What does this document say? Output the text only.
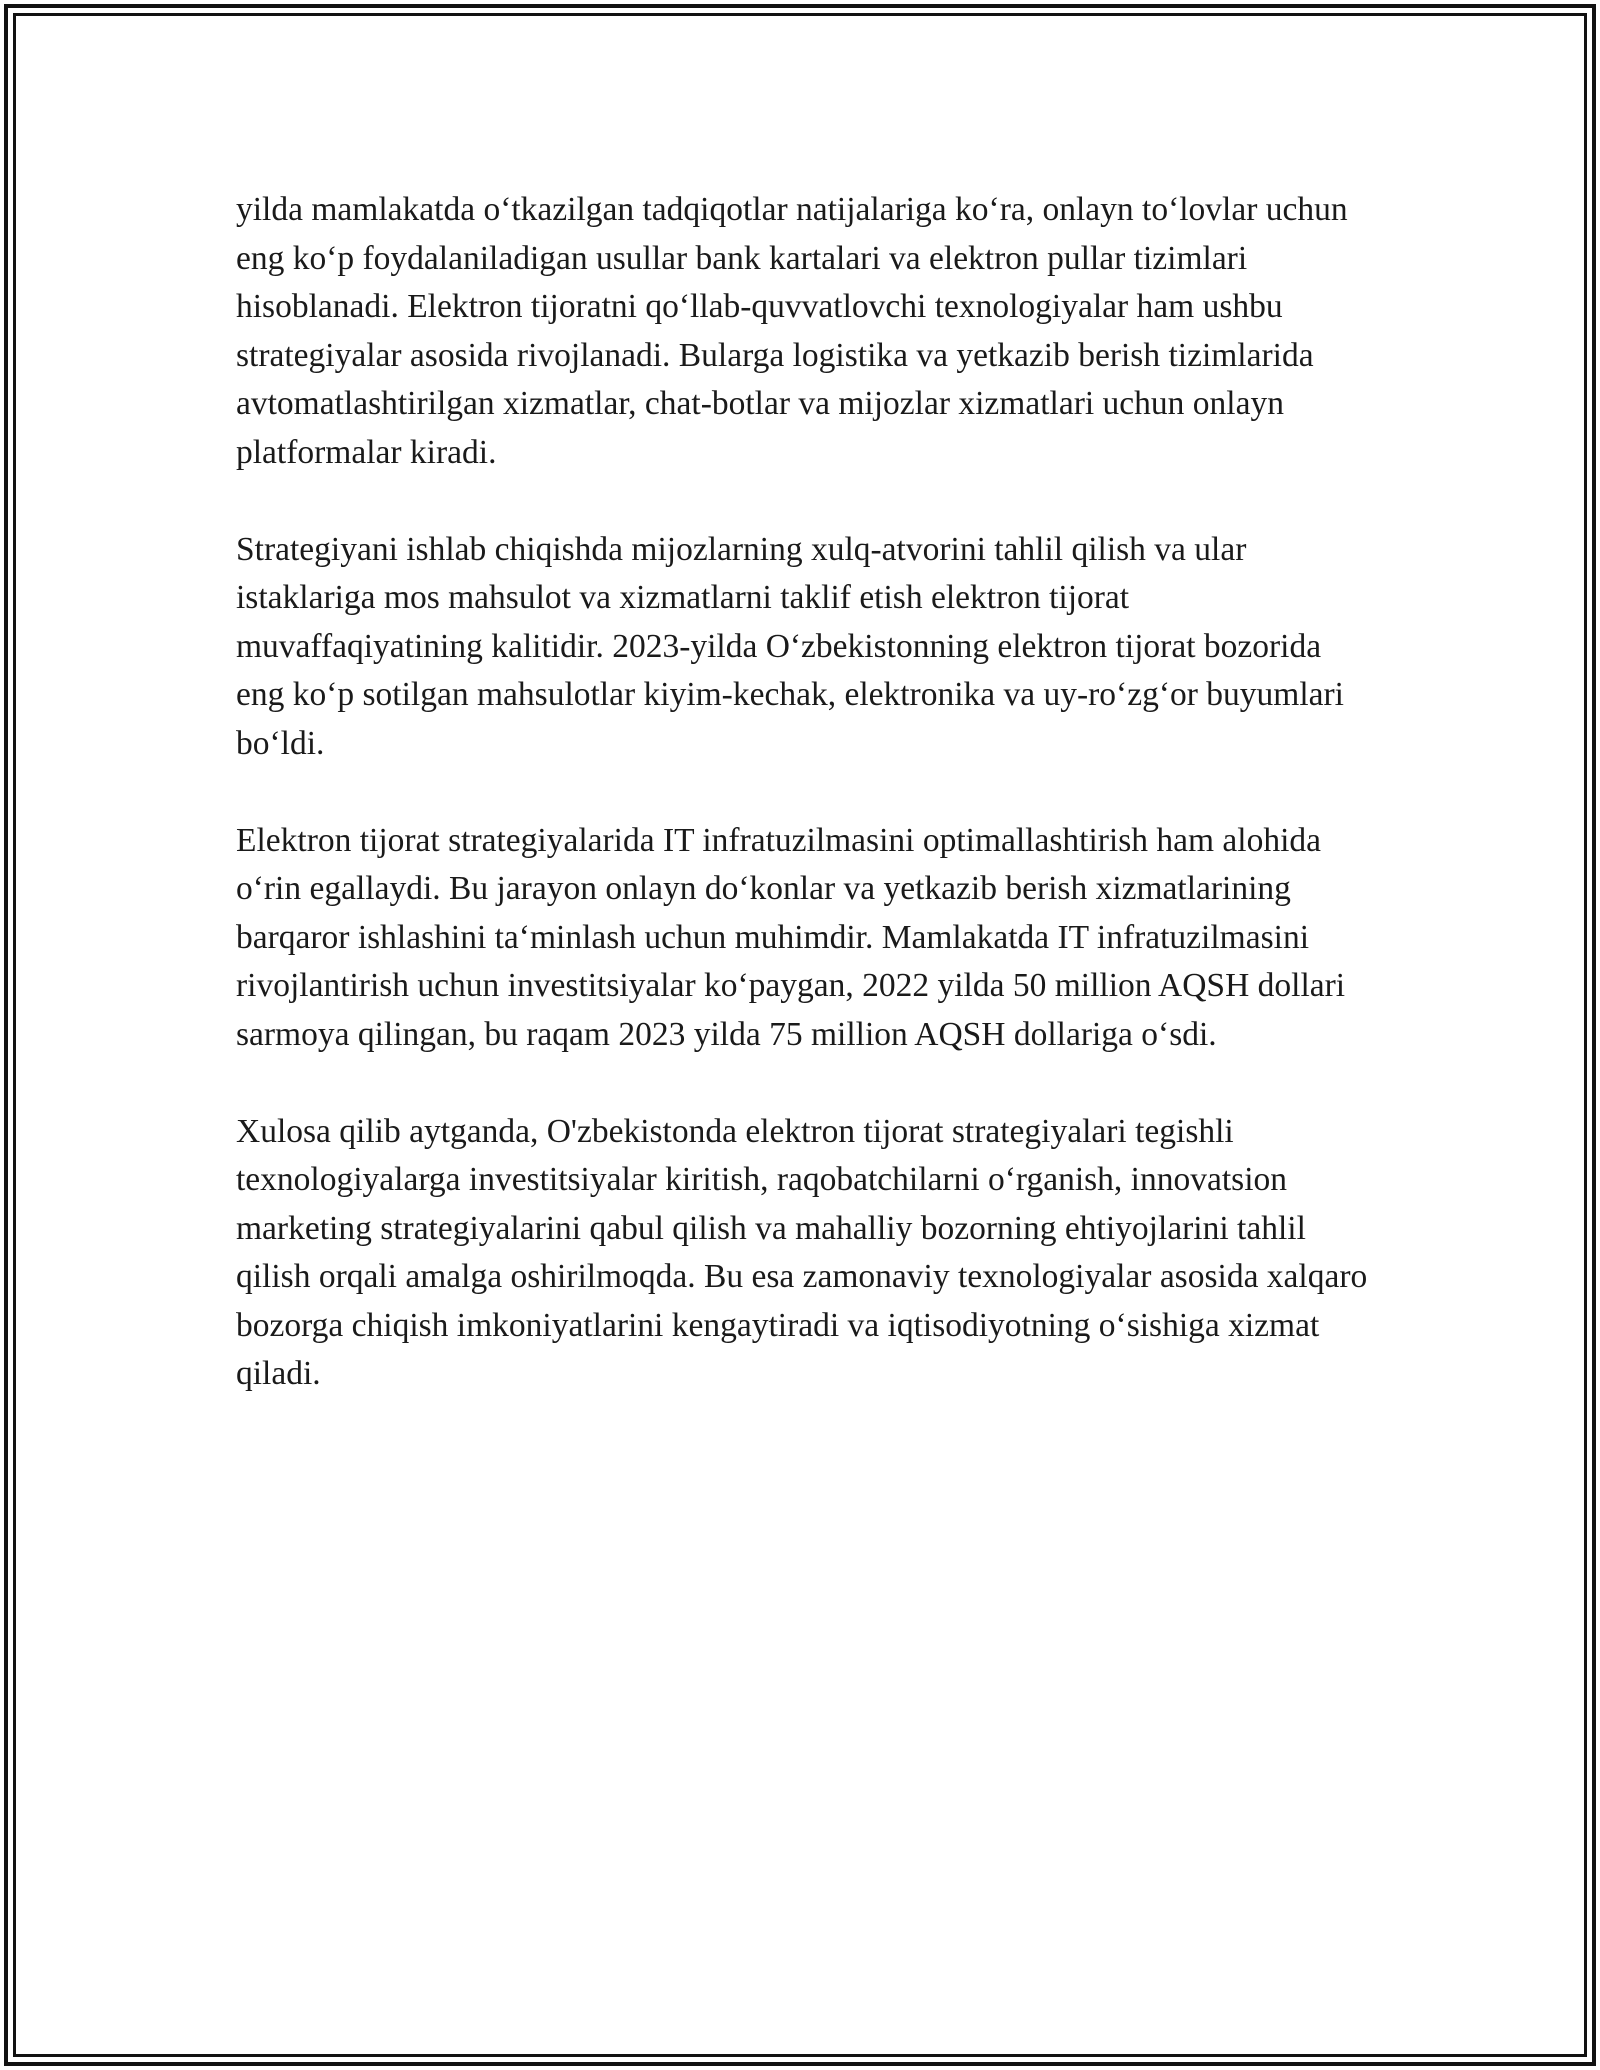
yilda mamlakatda o‘tkazilgan tadqiqotlar natijalariga ko‘ra, onlayn to‘lovlar uchun eng ko‘p foydalaniladigan usullar bank kartalari va elektron pullar tizimlari hisoblanadi. Elektron tijoratni qo‘llab-quvvatlovchi texnologiyalar ham ushbu strategiyalar asosida rivojlanadi. Bularga logistika va yetkazib berish tizimlarida avtomatlashtirilgan xizmatlar, chat-botlar va mijozlar xizmatlari uchun onlayn platformalar kiradi.

Strategiyani ishlab chiqishda mijozlarning xulq-atvorini tahlil qilish va ular istaklariga mos mahsulot va xizmatlarni taklif etish elektron tijorat muvaffaqiyatining kalitidir. 2023-yilda O‘zbekistonning elektron tijorat bozorida eng ko‘p sotilgan mahsulotlar kiyim-kechak, elektronika va uy-ro‘zg‘or buyumlari bo‘ldi.

Elektron tijorat strategiyalarida IT infratuzilmasini optimallashtirish ham alohida o‘rin egallaydi. Bu jarayon onlayn do‘konlar va yetkazib berish xizmatlarining barqaror ishlashini ta‘minlash uchun muhimdir. Mamlakatda IT infratuzilmasini rivojlantirish uchun investitsiyalar ko‘paygan, 2022 yilda 50 million AQSH dollari sarmoya qilingan, bu raqam 2023 yilda 75 million AQSH dollariga o‘sdi.

Xulosa qilib aytganda, O'zbekistonda elektron tijorat strategiyalari tegishli texnologiyalarga investitsiyalar kiritish, raqobatchilarni o‘rganish, innovatsion marketing strategiyalarini qabul qilish va mahalliy bozorning ehtiyojlarini tahlil qilish orqali amalga oshirilmoqda. Bu esa zamonaviy texnologiyalar asosida xalqaro bozorga chiqish imkoniyatlarini kengaytiradi va iqtisodiyotning o‘sishiga xizmat qiladi.
